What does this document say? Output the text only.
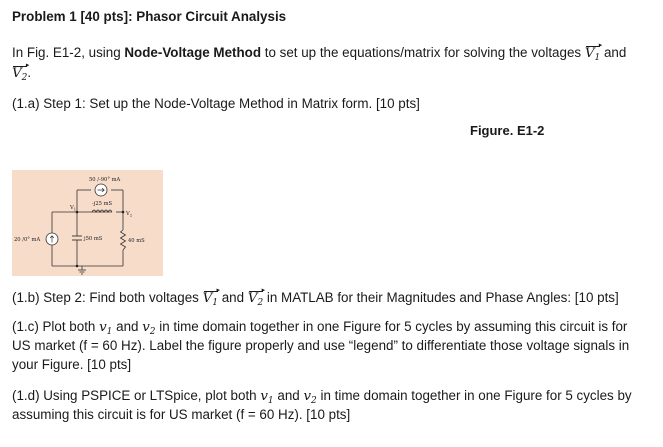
Problem 1 [40 pts]: Phasor Circuit Analysis
In Fig. E1-2, using Node-Voltage Method to set up the equations/matrix for solving the voltages $V_1$
▸
and
$V_2$
▸
.
(1.a) Step 1: Set up the Node-Voltage Method in Matrix form. [10 pts]
Figure. E1-2
50 /-90° mA
$V_1$
$V_2$
-j25 mS
20 /0° mA	j50 mS	40 mS
(1.b) Step 2: Find both voltages $V_1$
▸
and $V_2$
▸
in MATLAB for their Magnitudes and Phase Angles: [10 pts]
(1.c) Plot both $v_1$ and $v_2$ in time domain together in one Figure for 5 cycles by assuming this circuit is for
US market (f = 60 Hz). Label the figure properly and use “legend” to differentiate those voltage signals in
your Figure. [10 pts]
(1.d) Using PSPICE or LTSpice, plot both $v_1$ and $v_2$ in time domain together in one Figure for 5 cycles by
assuming this circuit is for US market (f = 60 Hz). [10 pts]
